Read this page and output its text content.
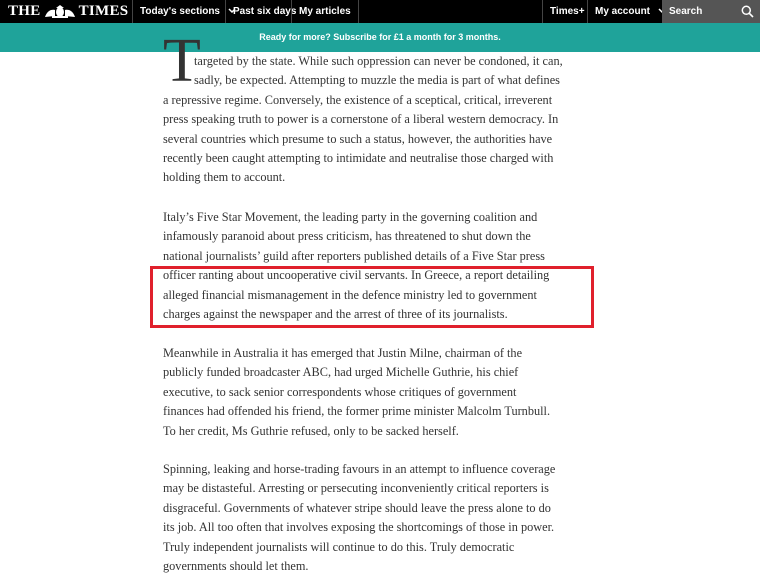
THE	TIMES	Today's sections	Past six days My articles	Times+	My account
Search
Ready for more? Subscribe for £1 a month for 3 months.
T
targeted by the state. While such oppression can never be condoned, it can,
sadly, be expected. Attempting to muzzle the media is part of what defines
a repressive regime. Conversely, the existence of a sceptical, critical, irreverent
press speaking truth to power is a cornerstone of a liberal western democracy. In
several countries which presume to such a status, however, the authorities have
recently been caught attempting to intimidate and neutralise those charged with
holding them to account.
Italy’s Five Star Movement, the leading party in the governing coalition and
infamously paranoid about press criticism, has threatened to shut down the
national journalists’ guild after reporters published details of a Five Star press
officer ranting about uncooperative civil servants. In Greece, a report detailing
alleged financial mismanagement in the defence ministry led to government
charges against the newspaper and the arrest of three of its journalists.
Meanwhile in Australia it has emerged that Justin Milne, chairman of the
publicly funded broadcaster ABC, had urged Michelle Guthrie, his chief
executive, to sack senior correspondents whose critiques of government
finances had offended his friend, the former prime minister Malcolm Turnbull.
To her credit, Ms Guthrie refused, only to be sacked herself.
Spinning, leaking and horse-trading favours in an attempt to influence coverage
may be distasteful. Arresting or persecuting inconveniently critical reporters is
disgraceful. Governments of whatever stripe should leave the press alone to do
its job. All too often that involves exposing the shortcomings of those in power.
Truly independent journalists will continue to do this. Truly democratic
governments should let them.
